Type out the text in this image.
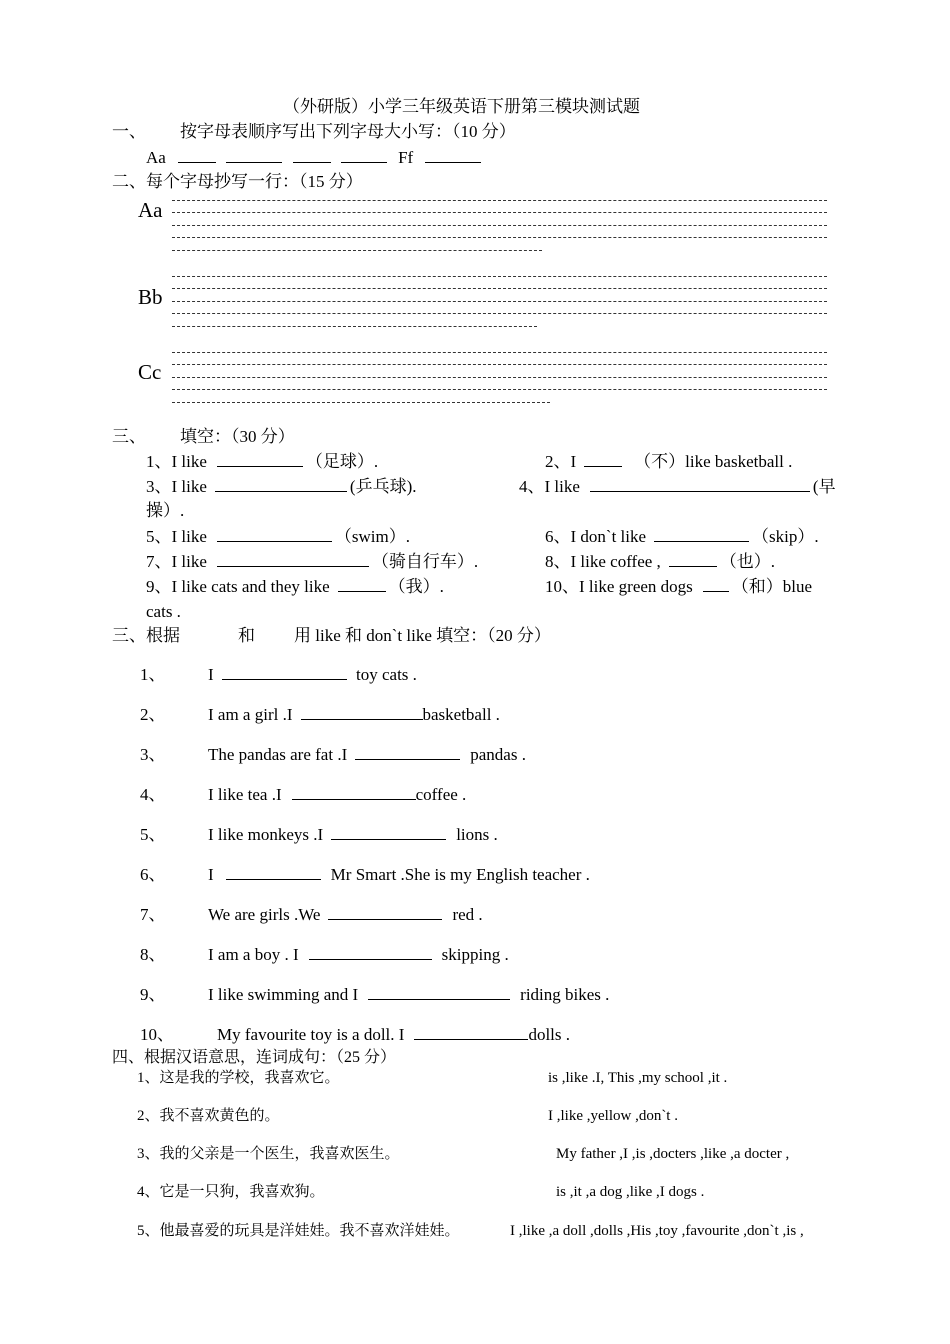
（外研版）小学三年级英语下册第三模块测试题
一、 按字母表顺序写出下列字母大小写：（10 分）
Aa	Ff
二、每个字母抄写一行：（15 分）
Aa
Bb
Cc
三、 填空：（30 分）
1、I like	（足球）.	2、I	（不）like basketball .
3、I like	(乒乓球).	4、I like	(早
操）.
5、I like	（swim）.	6、I don`t like	（skip）.
7、I like	（骑自行车）.	8、I like coffee ,	（也）.
9、I like cats and they like	（我）.	10、I like green dogs （和）blue
cats .
三、根据	和 用 like 和 don`t like 填空：（20 分）
1、	I	toy cats .
2、	I am a girl .I	basketball .
3、	The pandas are fat .I	pandas .
4、	I like tea .I	coffee .
5、	I like monkeys .I	lions .
6、	I	Mr Smart .She is my English teacher .
7、	We are girls .We	red .
8、	I am a boy . I	skipping .
9、	I like swimming and I	riding bikes .
10、	My favourite toy is a doll. I	dolls .
四、根据汉语意思，连词成句：（25 分）
1、这是我的学校，我喜欢它。	is ,like .I, This ,my school ,it .
2、我不喜欢黄色的。	I ,like ,yellow ,don`t .
3、我的父亲是一个医生，我喜欢医生。	My father ,I ,is ,docters ,like ,a docter ,
4、它是一只狗，我喜欢狗。	is ,it ,a dog ,like ,I dogs .
5、他最喜爱的玩具是洋娃娃。我不喜欢洋娃娃。	I ,like ,a doll ,dolls ,His ,toy ,favourite ,don`t ,is ,
